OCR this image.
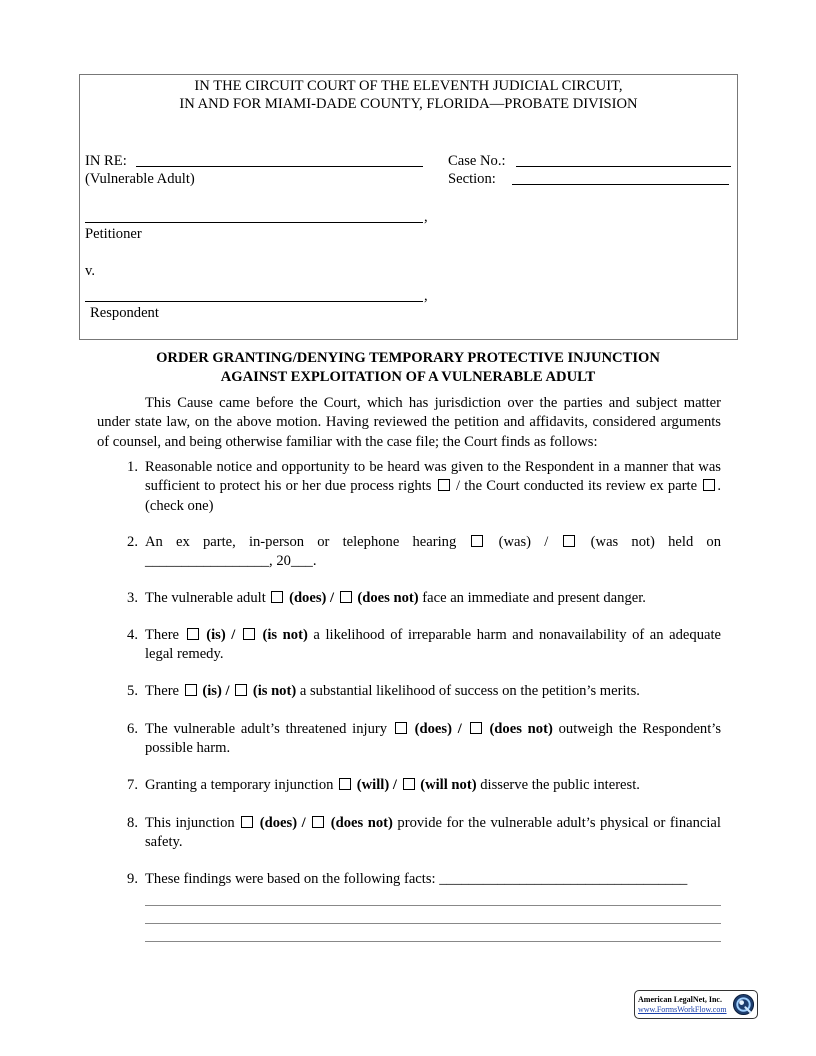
IN THE CIRCUIT COURT OF THE ELEVENTH JUDICIAL CIRCUIT,
IN AND FOR MIAMI-DADE COUNTY, FLORIDA—PROBATE DIVISION
IN RE:
(Vulnerable Adult)
Case No.:
Section:
,
Petitioner
v.
,
Respondent
ORDER GRANTING/DENYING TEMPORARY PROTECTIVE INJUNCTION
AGAINST EXPLOITATION OF A VULNERABLE ADULT
This Cause came before the Court, which has jurisdiction over the parties and subject matter under state law, on the above motion. Having reviewed the petition and affidavits, considered arguments of counsel, and being otherwise familiar with the case file; the Court finds as follows:
1. Reasonable notice and opportunity to be heard was given to the Respondent in a manner that was sufficient to protect his or her due process rights / the Court conducted its review ex parte . (check one)
2. An ex parte, in-person or telephone hearing	(was) /	(was not) held on
_________________, 20___.
3. The vulnerable adult (does) / (does not) face an immediate and present danger.
4. There (is) / (is not) a likelihood of irreparable harm and nonavailability of an adequate legal remedy.
5. There (is) / (is not) a substantial likelihood of success on the petition’s merits.
6. The vulnerable adult’s threatened injury (does) / (does not) outweigh the Respondent’s possible harm.
7. Granting a temporary injunction (will) / (will not) disserve the public interest.
8. This injunction (does) / (does not) provide for the vulnerable adult’s physical or financial safety.
9. These findings were based on the following facts: __________________________________
American LegalNet, Inc.
www.FormsWorkFlow.com
